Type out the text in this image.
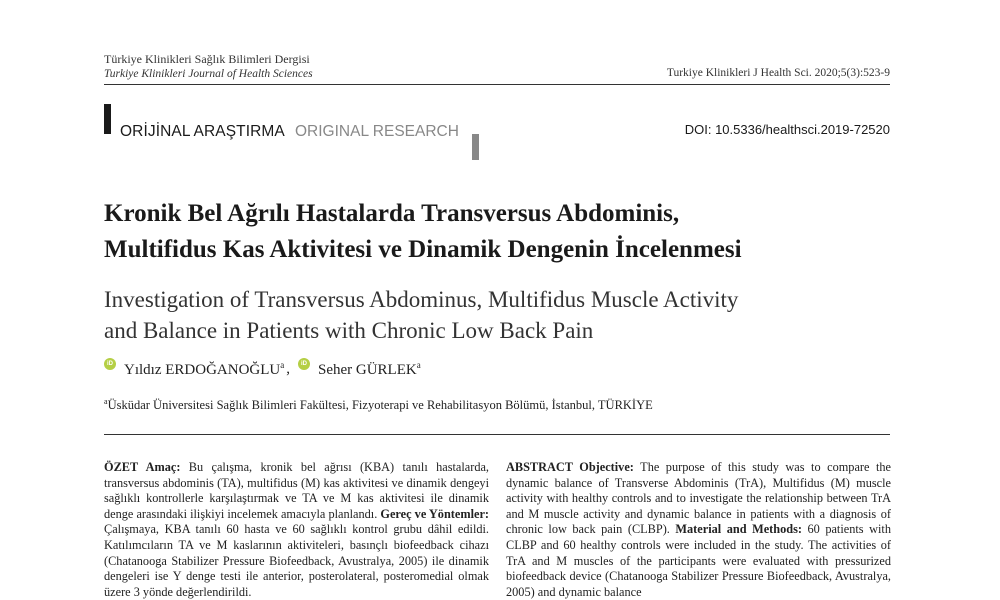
Türkiye Klinikleri Sağlık Bilimleri Dergisi
Turkiye Klinikleri Journal of Health Sciences	Turkiye Klinikleri J Health Sci. 2020;5(3):523-9
ORİJİNAL ARAŞTIRMA ORIGINAL RESEARCH	DOI: 10.5336/healthsci.2019-72520
Kronik Bel Ağrılı Hastalarda Transversus Abdominis,
Multifidus Kas Aktivitesi ve Dinamik Dengenin İncelenmesi
Investigation of Transversus Abdominus, Multifidus Muscle Activity
and Balance in Patients with Chronic Low Back Pain
iD Yıldız ERDOĞANOĞLU$^a$ ,	iD Seher GÜRLEK$^a$
$^a$Üsküdar Üniversitesi Sağlık Bilimleri Fakültesi, Fizyoterapi ve Rehabilitasyon Bölümü, İstanbul, TÜRKİYE
ÖZET Amaç: Bu çalışma, kronik bel ağrısı (KBA) tanılı hastalarda, transversus abdominis (TA), multifidus (M) kas aktivitesi ve dinamik dengeyi sağlıklı kontrollerle karşılaştırmak ve TA ve M kas aktivitesi ile dinamik denge arasındaki ilişkiyi incelemek amacıyla planlandı. Gereç ve Yöntemler: Çalışmaya, KBA tanılı 60 hasta ve 60 sağlıklı kontrol grubu dâhil edildi. Katılımcıların TA ve M kaslarının aktiviteleri, basınçlı biofeedback cihazı (Chatanooga Stabilizer Pressure Biofeedback, Avustralya, 2005) ile dinamik dengeleri ise Y denge testi ile anterior, posterolateral, posteromedial olmak üzere 3 yönde değerlendirildi.
ABSTRACT Objective: The purpose of this study was to compare the dynamic balance of Transverse Abdominis (TrA), Multifidus (M) muscle activity with healthy controls and to investigate the relationship between TrA and M muscle activity and dynamic balance in patients with a diagnosis of chronic low back pain (CLBP). Material and Methods: 60 patients with CLBP and 60 healthy controls were included in the study. The activities of TrA and M muscles of the participants were evaluated with pressurized biofeedback device (Chatanooga Stabilizer Pressure Biofeedback, Avustralya, 2005) and dynamic balance
